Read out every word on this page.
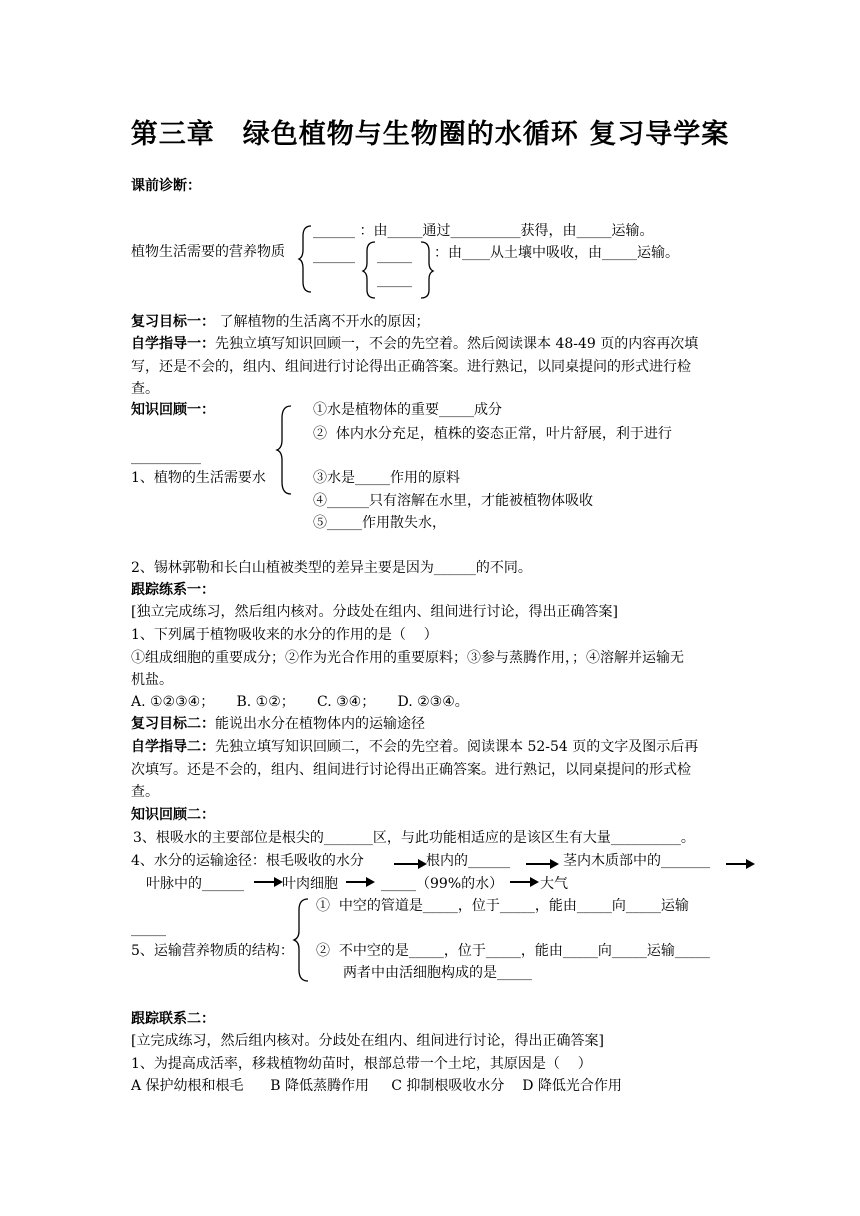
第三章　绿色植物与生物圈的水循环 复习导学案
课前诊断：
植物生活需要的营养物质
______ ：由_____通过__________获得，由_____运输。
______ _____
_____
：由____从土壤中吸收，由_____运输。
复习目标一： 了解植物的生活离不开水的原因；
自学指导一：先独立填写知识回顾一，不会的先空着。然后阅读课本 48-49 页的内容再次填
写，还是不会的，组内、组间进行讨论得出正确答案。进行熟记，以同桌提问的形式进行检
查。
知识回顾一：	①水是植物体的重要_____成分
②  体内水分充足，植株的姿态正常，叶片舒展，利于进行
__________
1、植物的生活需要水	③水是_____作用的原料
④______只有溶解在水里，才能被植物体吸收
⑤_____作用散失水，
2、锡林郭勒和长白山植被类型的差异主要是因为______的不同。
跟踪练系一：
[独立完成练习，然后组内核对。分歧处在组内、组间进行讨论，得出正确答案]
1、下列属于植物吸收来的水分的作用的是（    ）
①组成细胞的重要成分；②作为光合作用的重要原料；③参与蒸腾作用，；④溶解并运输无
机盐。
A. ①②③④；     B. ①②；     C. ③④；     D. ②③④。
复习目标二：能说出水分在植物体内的运输途径
自学指导二：先独立填写知识回顾二，不会的先空着。阅读课本 52-54 页的文字及图示后再
次填写。还是不会的，组内、组间进行讨论得出正确答案。进行熟记，以同桌提问的形式检
查。
知识回顾二：
3、根吸水的主要部位是根尖的_______区，与此功能相适应的是该区生有大量__________。
4、水分的运输途径：根毛吸收的水分	根内的______	茎内木质部中的_______
叶脉中的______	叶肉细胞	_____（99%的水）	大气
①  中空的管道是_____，位于_____，能由_____向_____运输
_____
5、运输营养物质的结构： ②  不中空的是_____，位于_____，能由_____向_____运输_____
两者中由活细胞构成的是_____
跟踪联系二：
[立完成练习，然后组内核对。分歧处在组内、组间进行讨论，得出正确答案]
1、为提高成活率，移栽植物幼苗时，根部总带一个土坨，其原因是（    ）
A 保护幼根和根毛      B 降低蒸腾作用     C 抑制根吸收水分    D 降低光合作用
